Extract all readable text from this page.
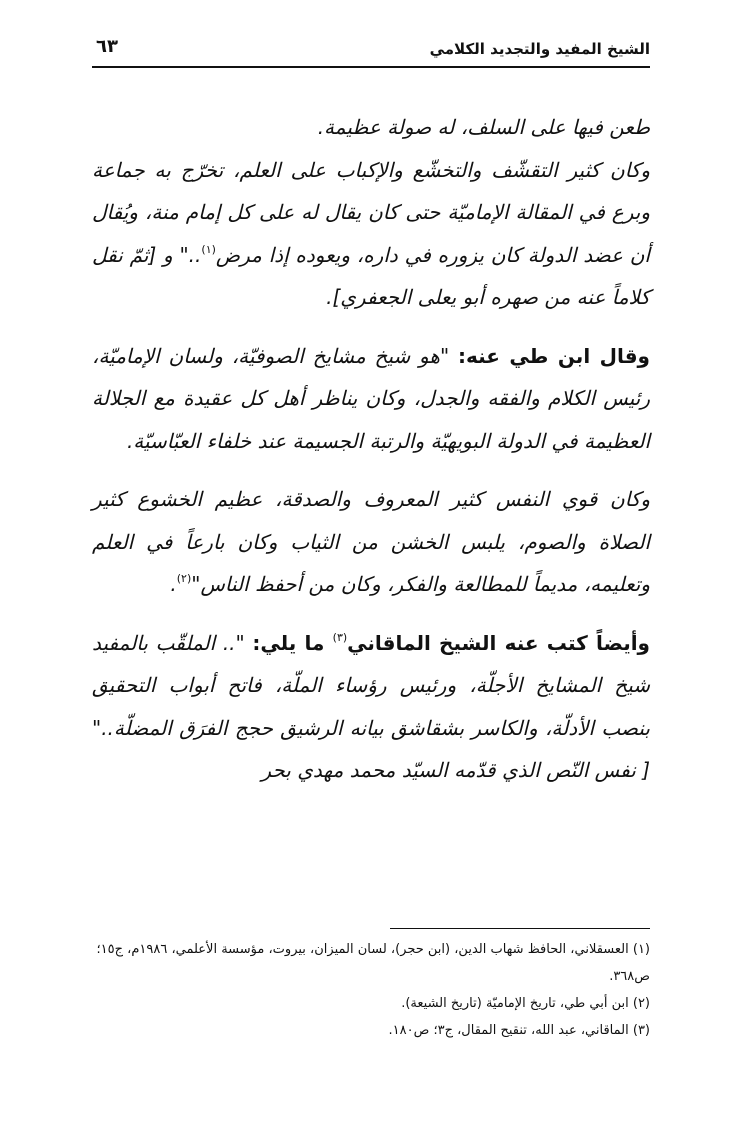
الشيخ المفيد والتجديد الكلامي
٦٣

طعن فيها على السلف، له صولة عظيمة.

وكان كثير التقشّف والتخشّع والإكباب على العلم، تخرّج به جماعة وبرع في المقالة الإماميّة حتى كان يقال له على كل إمام منة، ويُقال أن عضد الدولة كان يزوره في داره، ويعوده إذا مرض$^{(١)}$.." و [ثمّ نقل كلاماً عنه من صهره أبو يعلى الجعفري].

وقال ابن طي عنه: "هو شيخ مشايخ الصوفيّة، ولسان الإماميّة، رئيس الكلام والفقه والجدل، وكان يناظر أهل كل عقيدة مع الجلالة العظيمة في الدولة البويهيّة والرتبة الجسيمة عند خلفاء العبّاسيّة.

وكان قوي النفس كثير المعروف والصدقة، عظيم الخشوع كثير الصلاة والصوم، يلبس الخشن من الثياب وكان بارعاً في العلم وتعليمه، مديماً للمطالعة والفكر، وكان من أحفظ الناس"$^{(٢)}$.

وأيضاً كتب عنه الشيخ الماقاني$^{(٣)}$ ما يلي: ".. الملقّب بالمفيد شيخ المشايخ الأجلّة، ورئيس رؤساء الملّة، فاتح أبواب التحقيق بنصب الأدلّة، والكاسر بشقاشق بيانه الرشيق حجج الفرَق المضلّة.." [ نفس النّص الذي قدّمه السيّد محمد مهدي بحر

(١) العسقلاني، الحافظ شهاب الدين، (ابن حجر)، لسان الميزان، بيروت، مؤسسة الأعلمي، ١٩٨٦م، ج١٥؛ ص٣٦٨.

(٢) ابن أبي طي، تاريخ الإماميّة (تاريخ الشيعة).

(٣) الماقاني، عبد الله، تنقيح المقال، ج٣؛ ص١٨٠.
